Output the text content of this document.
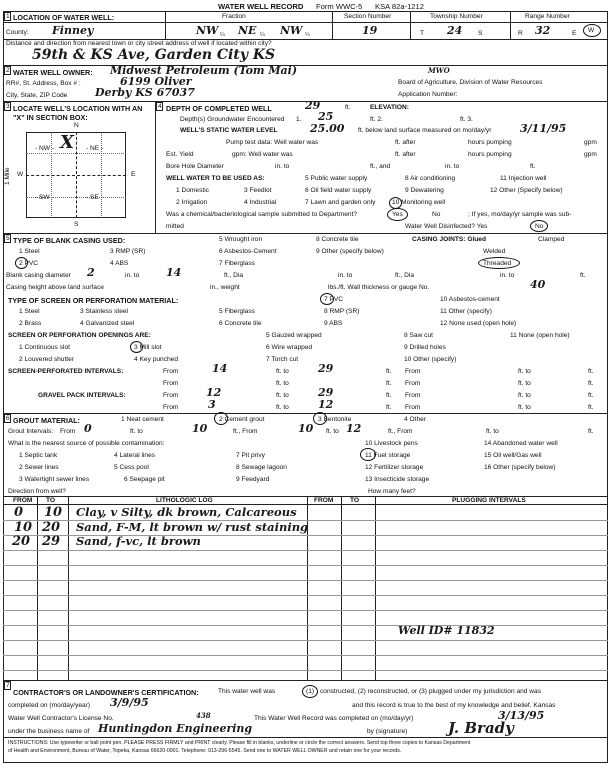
WATER WELL RECORD Form WWC-5 KSA 82a-1212
1 LOCATION OF WATER WELL:	Fraction	Section Number	Township Number	Range Number
County: Finney	NW ¼ NE ¼ NW ¼	19	T 24 S	R 32	E W
Distance and direction from nearest town or city street address of well if located within city?
59th & KS Ave, Garden City KS
2 WATER WELL OWNER: Midwest Petroleum (Tom Mai)	MWO
RR#, St. Address, Box # :	6199 Oliver	Board of Agriculture, Division of Water Resources
City, State, ZIP Code	Derby KS 67037	Application Number:
3 LOCATE WELL'S LOCATION WITH AN "X" IN SECTION BOX:
N
- NW -	- NE -
- SW -	- SE -
W	E
S
1 Mile
X
4 DEPTH OF COMPLETED WELL	29	ft.	ELEVATION:
Depth(s) Groundwater Encountered 1. 25	ft. 2.	ft. 3.
WELL'S STATIC WATER LEVEL	25.00 ft. below land surface measured on mo/day/yr	3/11/95
Pump test data: Well water was	ft. after	hours pumping	gpm
Est. Yield	gpm: Well water was	ft. after	hours pumping	gpm
Bore Hole Diameter	in. to	ft., and	in. to	ft.
WELL WATER TO BE USED AS:	5 Public water supply	8 Air conditioning	11 Injection well
1 Domestic	3 Feedlot	6 Oil field water supply	9 Dewatering	12 Other (Specify below)
2 Irrigation	4 Industrial	7 Lawn and garden only	10 Monitoring well
Was a chemical/bacteriological sample submitted to Department?	Yes	No	; If yes, mo/day/yr sample was sub-
mitted	Water Well Disinfected? Yes	No
5 TYPE OF BLANK CASING USED:	5 Wrought iron	8 Concrete tile	CASING JOINTS: Glued	Clamped
1 Steel	3 RMP (SR)	6 Asbestos-Cement	9 Other (specify below)	Welded
2 PVC	4 ABS	7 Fiberglass	Threaded
Blank casing diameter 2	in. to 14	ft., Dia	in. to	ft., Dia	in. to	ft.
Casing height above land surface	in., weight	lbs./ft. Wall thickness or gauge No.	40
TYPE OF SCREEN OR PERFORATION MATERIAL:	7 PVC	10 Asbestos-cement
1 Steel	3 Stainless steel	5 Fiberglass	8 RMP (SR)	11 Other (specify)
2 Brass	4 Galvanized steel	6 Concrete tile	9 ABS	12 None used (open hole)
SCREEN OR PERFORATION OPENINGS ARE:	5 Gauzed wrapped	8 Saw cut	11 None (open hole)
1 Continuous slot	3 Mill slot	6 Wire wrapped	9 Drilled holes
2 Louvered shutter	4 Key punched	7 Torch cut	10 Other (specify)
SCREEN-PERFORATED INTERVALS:	From	14	ft. to	29	ft. From	ft. to	ft.
From	ft. to	ft. From	ft. to	ft.
GRAVEL PACK INTERVALS:	From	12	ft. to	29	ft. From	ft. to	ft.
From	3	ft. to	12	ft. From	ft. to	ft.
6 GROUT MATERIAL:	1 Neat cement	2 Cement grout	3 Bentonite	4 Other
Grout Intervals: From 0	ft. to	10	ft., From	10 ft. to 12	ft., From	ft. to	ft.
What is the nearest source of possible contamination:	10 Livestock pens	14 Abandoned water well
1 Septic tank	4 Lateral lines	7 Pit privy	11 Fuel storage	15 Oil well/Gas well
2 Sewer lines	5 Cess pool	8 Sewage lagoon	12 Fertilizer storage	16 Other (specify below)
3 Watertight sewer lines	6 Seepage pit	9 Feedyard	13 Insecticide storage
Direction from well?	How many feet?
FROM TO	LITHOLOGIC LOG	FROM	TO	PLUGGING INTERVALS
0 10 Clay, v Silty, dk brown, Calcareous
10 20 Sand, F-M, lt brown w/ rust staining
20 29 Sand, f-vc, lt brown
Well ID# 11832
7
CONTRACTOR'S OR LANDOWNER'S CERTIFICATION:	This water well was	(1) constructed, (2) reconstructed, or (3) plugged under my jurisdiction and was
completed on (mo/day/year) 3/9/95	and this record is true to the best of my knowledge and belief. Kansas
Water Well Contractor's License No.	438	This Water Well Record was completed on (mo/day/yr)	3/13/95
under the business name of Huntingdon Engineering	by (signature)	J. Brady
INSTRUCTIONS: Use typewriter or ball point pen. PLEASE PRESS FIRMLY and PRINT clearly. Please fill in blanks, underline or circle the correct answers. Send top three copies to Kansas Department
of Health and Environment, Bureau of Water, Topeka, Kansas 66620-0001. Telephone: 913-296-5545. Send one to WATER WELL OWNER and retain one for your records.
